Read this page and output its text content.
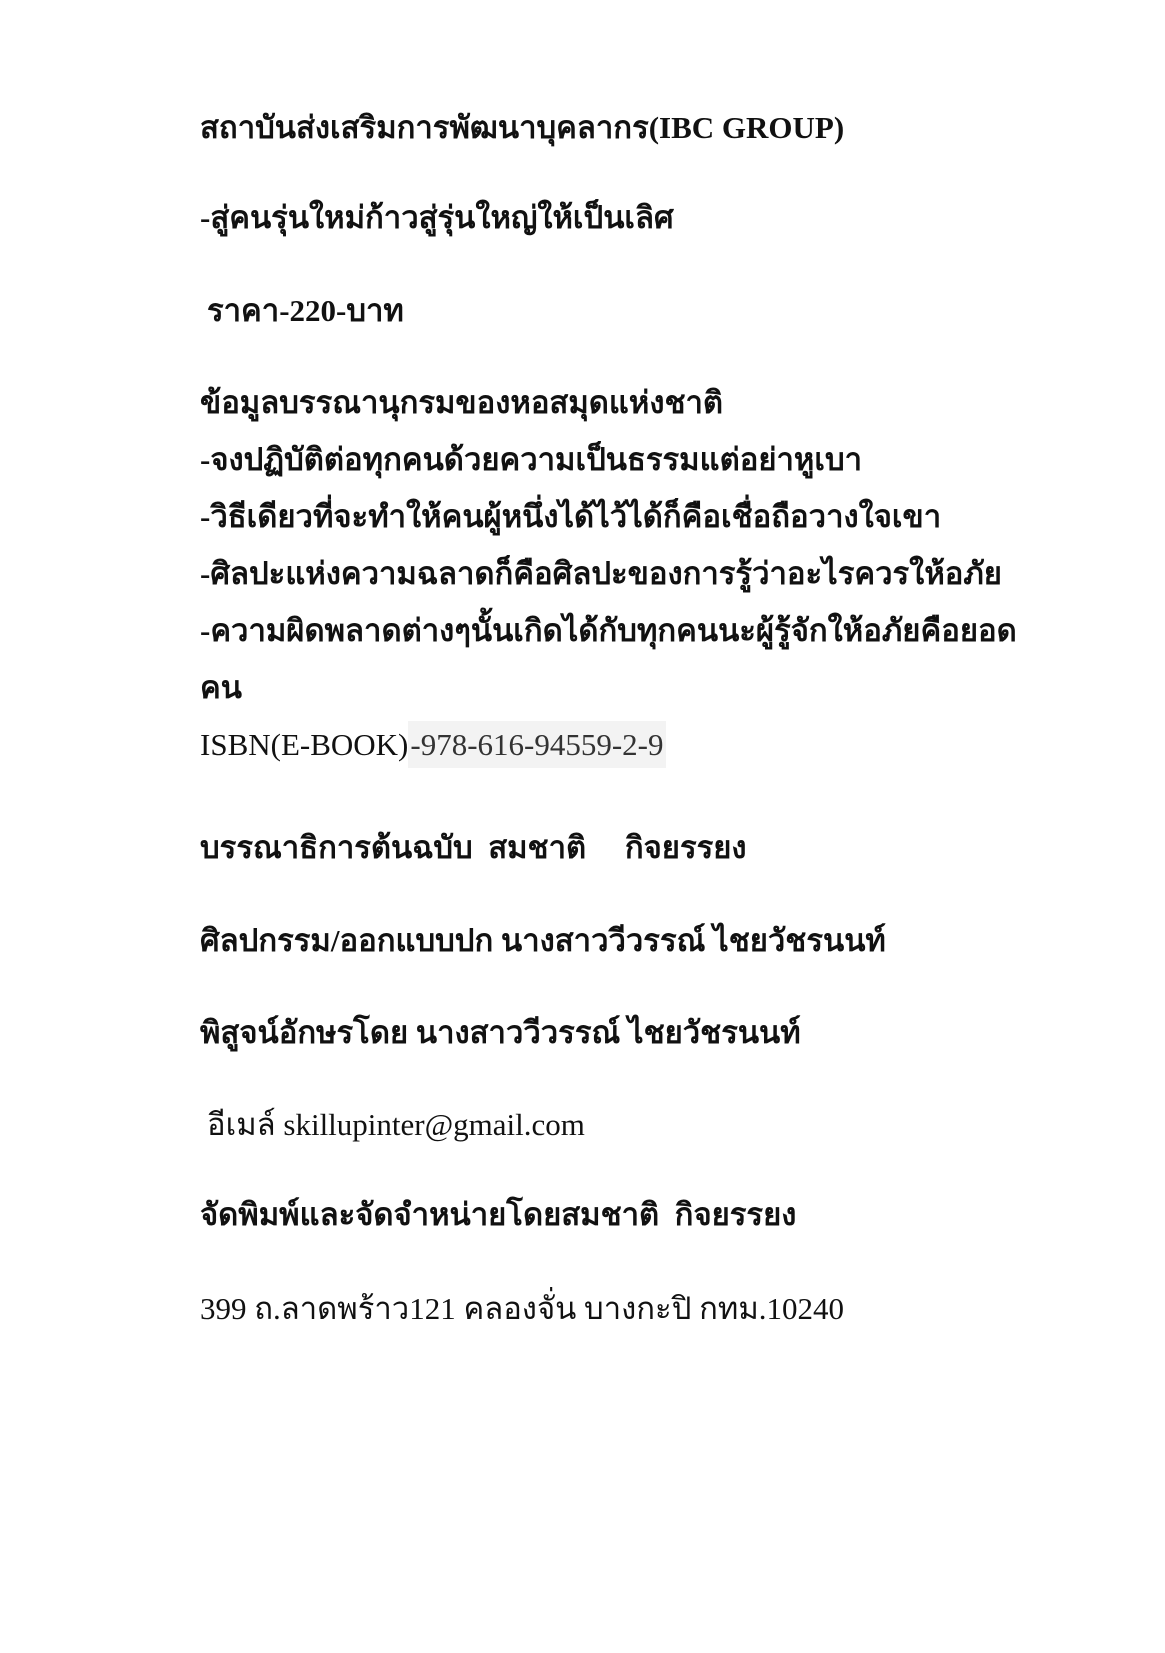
สถาบันส่งเสริมการพัฒนาบุคลากร(IBC GROUP)
-สู่คนรุ่นใหม่ก้าวสู่รุ่นใหญ่ให้เป็นเลิศ
ราคา-220-บาท
ข้อมูลบรรณานุกรมของหอสมุดแห่งชาติ
-จงปฏิบัติต่อทุกคนด้วยความเป็นธรรมแต่อย่าหูเบา
-วิธีเดียวที่จะทำให้คนผู้หนึ่งได้ไว้ได้ก็คือเชื่อถือวางใจเขา
-ศิลปะแห่งความฉลาดก็คือศิลปะของการรู้ว่าอะไรควรให้อภัย
-ความผิดพลาดต่างๆนั้นเกิดได้กับทุกคนนะผู้รู้จักให้อภัยคือยอด
คน
ISBN(E-BOOK)-978-616-94559-2-9
บรรณาธิการต้นฉบับ  สมชาติ     กิจยรรยง
ศิลปกรรม/ออกแบบปก นางสาววีวรรณ์ ไชยวัชรนนท์
พิสูจน์อักษรโดย นางสาววีวรรณ์ ไชยวัชรนนท์
อีเมล์ skillupinter@gmail.com
จัดพิมพ์และจัดจำหน่ายโดยสมชาติ  กิจยรรยง
399 ถ.ลาดพร้าว121 คลองจั่น บางกะปิ กทม.10240
